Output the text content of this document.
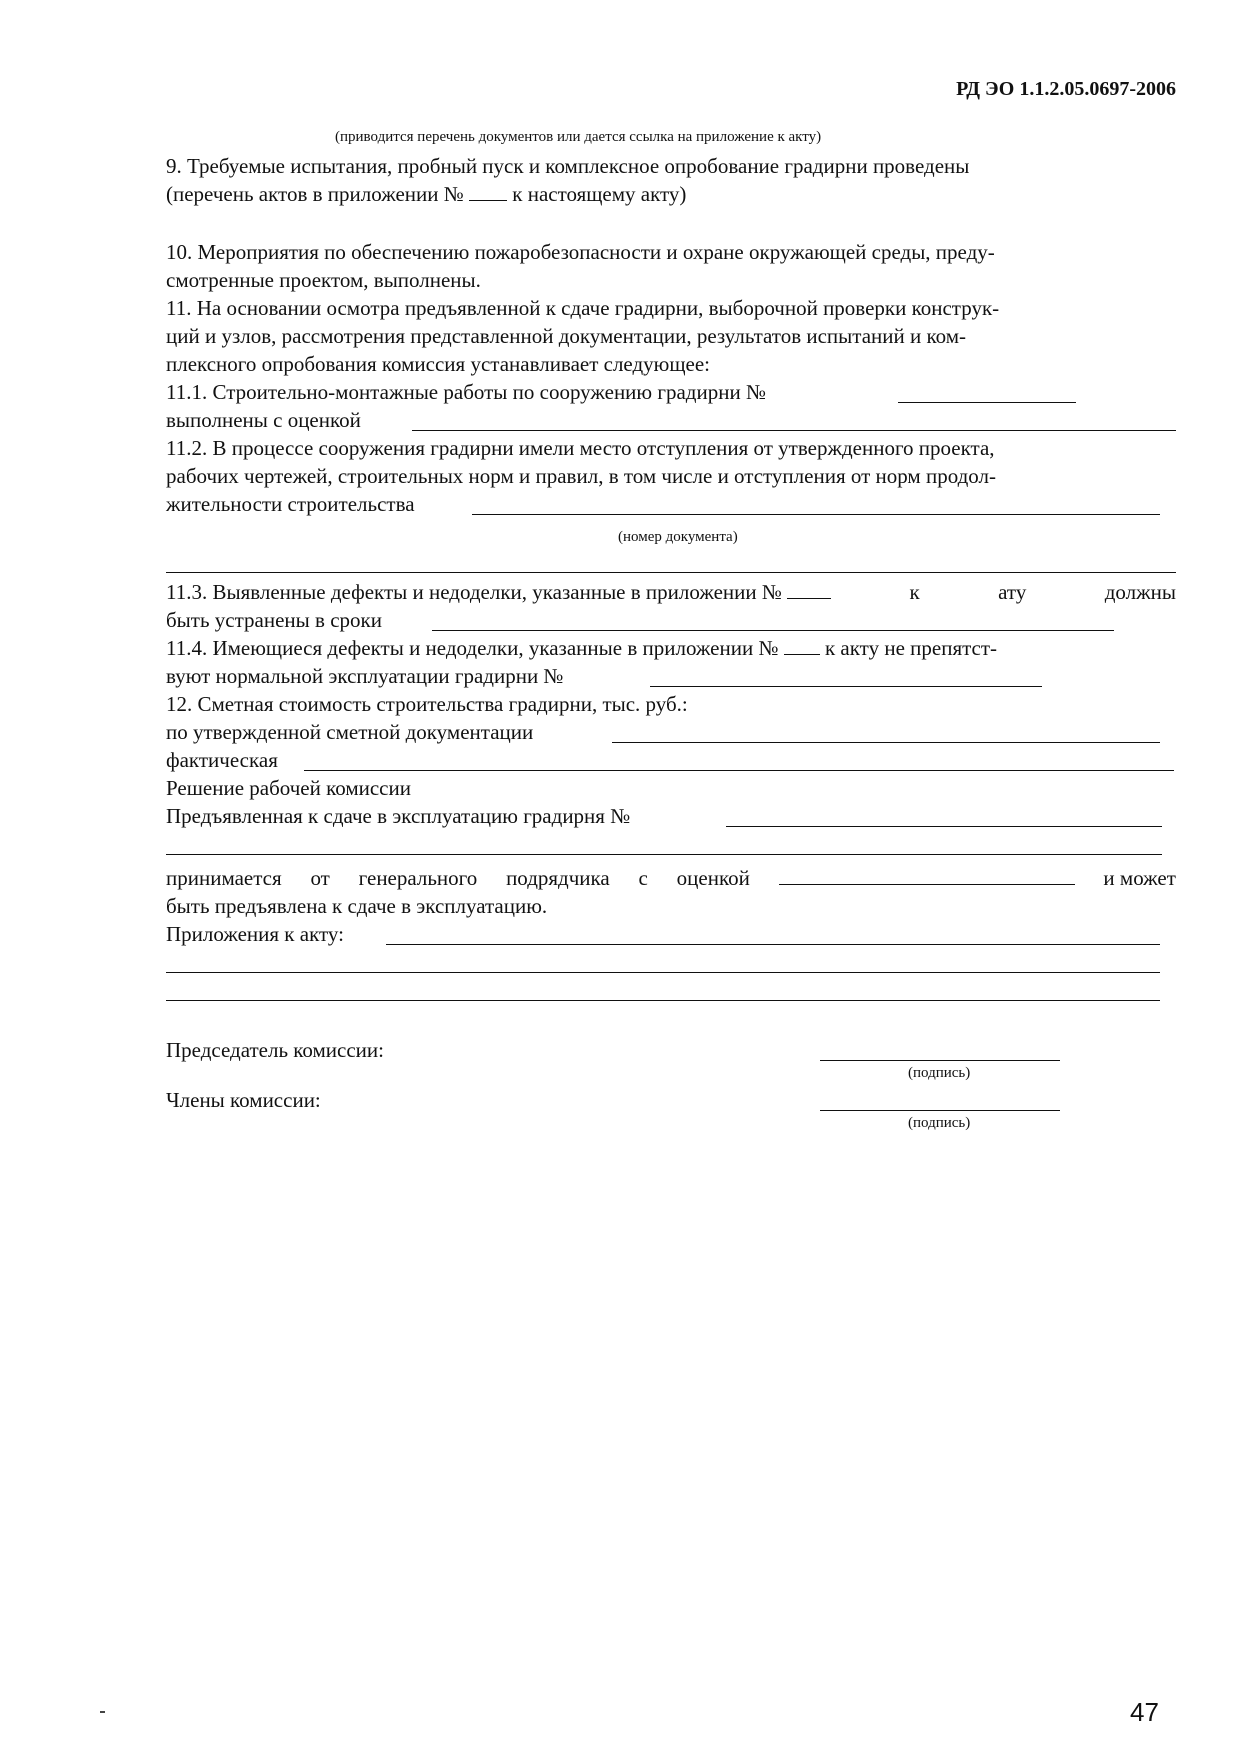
РД ЭО 1.1.2.05.0697-2006
(приводится перечень документов или дается ссылка на приложение к акту)
9. Требуемые испытания, пробный пуск и комплексное опробование градирни проведены
(перечень актов в приложении № к настоящему акту)
10. Мероприятия по обеспечению пожаробезопасности и охране окружающей среды, преду-
смотренные проектом, выполнены.
11. На основании осмотра предъявленной к сдаче градирни, выборочной проверки конструк-
ций и узлов, рассмотрения представленной документации, результатов испытаний и ком-
плексного опробования комиссия устанавливает следующее:
11.1. Строительно-монтажные работы по сооружению градирни №
выполнены с оценкой
11.2. В процессе сооружения градирни имели место отступления от утвержденного проекта,
рабочих чертежей, строительных норм и правил, в том числе и отступления от норм продол-
жительности строительства
(номер документа)
11.3. Выявленные дефекты и недоделки, указанные в приложении №	к	ату	должны
быть устранены в сроки
11.4. Имеющиеся дефекты и недоделки, указанные в приложении № к акту не препятст-
вуют нормальной эксплуатации градирни №
12. Сметная стоимость строительства градирни, тыс. руб.:
по утвержденной сметной документации
фактическая
Решение рабочей комиссии
Предъявленная к сдаче в эксплуатацию градирня №
принимается от генерального подрядчика с оценкой	и может
быть предъявлена к сдаче в эксплуатацию.
Приложения к акту:
Председатель комиссии:
(подпись)
Члены комиссии:
(подпись)
47
